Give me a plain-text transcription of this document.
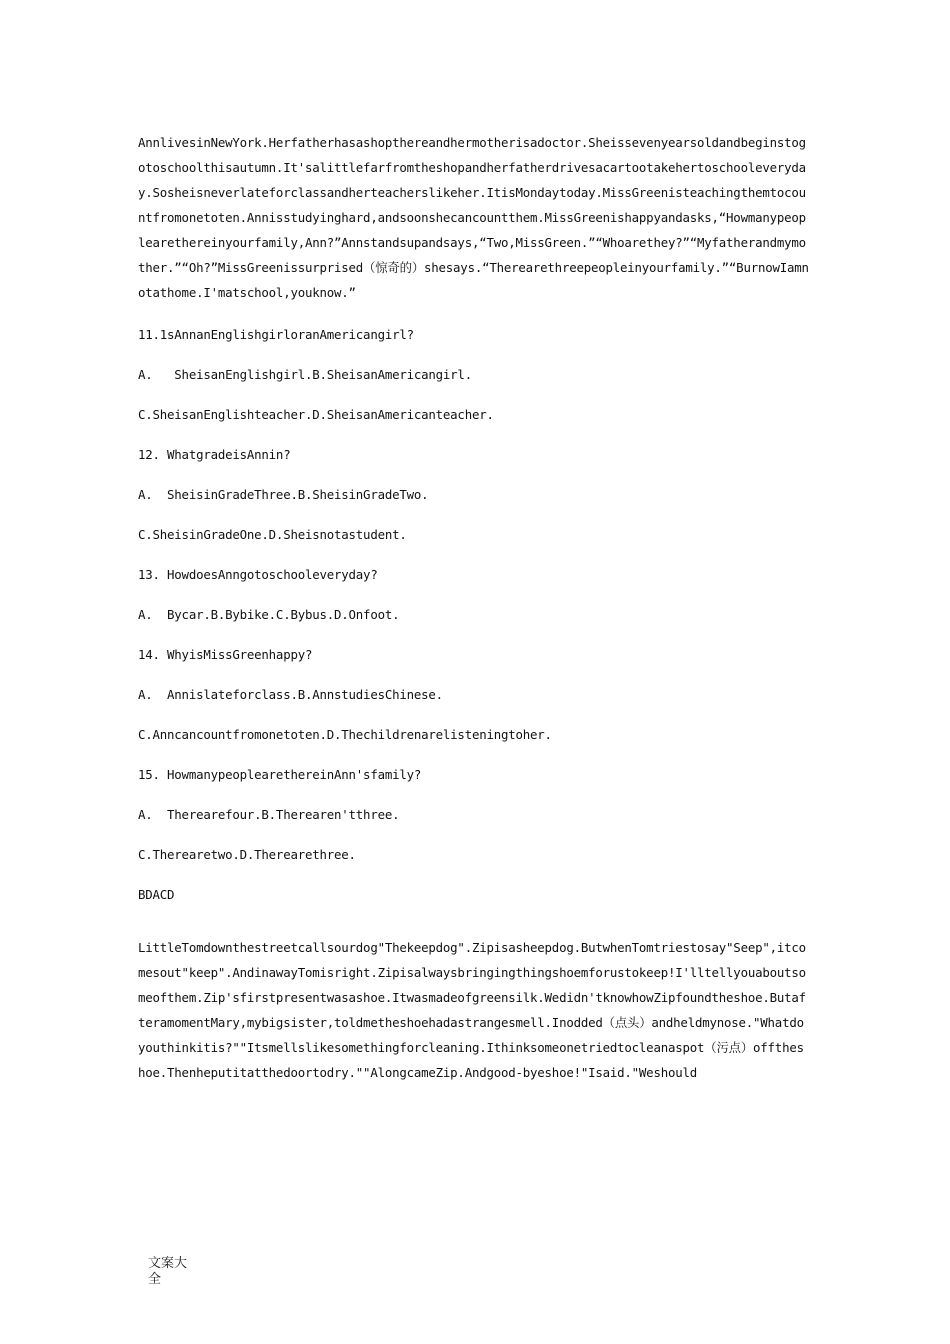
AnnlivesinNewYork.Herfatherhasashopthereandhermotherisadoctor.Sheissevenyearsoldandbeginstogotoschoolthisautumn.It'salittlefarfromtheshopandherfatherdrivesacartootakehertoschooleveryday.Sosheisneverlateforclassandherteacherslikeher.ItisMondaytoday.MissGreenisteachingthemtocountfromonetoten.Annisstudyinghard,andsoonshecancountthem.MissGreenishappyandasks,“Howmanypeoplearethereinyourfamily,Ann?”Annstandsupandsays,“Two,MissGreen.”“Whoarethey?”“Myfatherandmymother.”“Oh?”MissGreenissurprised（惊奇的）shesays.“Therearethreepeopleinyourfamily.”“BurnowIamnotathome.I'matschool,youknow.”

11.1sAnnanEnglishgirloranAmericangirl?

A.   SheisanEnglishgirl.B.SheisanAmericangirl.

C.SheisanEnglishteacher.D.SheisanAmericanteacher.

12. WhatgradeisAnnin?

A.  SheisinGradeThree.B.SheisinGradeTwo.

C.SheisinGradeOne.D.Sheisnotastudent.

13. HowdoesAnngotoschooleveryday?

A.  Bycar.B.Bybike.C.Bybus.D.Onfoot.

14. WhyisMissGreenhappy?

A.  Annislateforclass.B.AnnstudiesChinese.

C.Anncancountfromonetoten.D.Thechildrenarelisteningtoher.

15. HowmanypeoplearethereinAnn'sfamily?

A.  Therearefour.B.Therearen'tthree.

C.Therearetwo.D.Therearethree.

BDACD

LittleTomdownthestreetcallsourdog"Thekeepdog".Zipisasheepdog.ButwhenTomtriestosay"Seep",itcomesout"keep".AndinawayTomisright.Zipisalwaysbringingthingshoemforustokeep!I'lltellyouaboutsomeofthem.Zip'sfirstpresentwasashoe.Itwasmadeofgreensilk.Wedidn'tknowhowZipfoundtheshoe.ButafteramomentMary,mybigsister,toldmetheshoehadastrangesmell.Inodded（点头）andheldmynose."Whatdoyouthinkitis?""Itsmellslikesomethingforcleaning.Ithinksomeonetriedtocleanaspot（污点）offtheshoe.Thenheputitatthedoortodry.""AlongcameZip.Andgood-byeshoe!"Isaid."Weshould

文案大全
